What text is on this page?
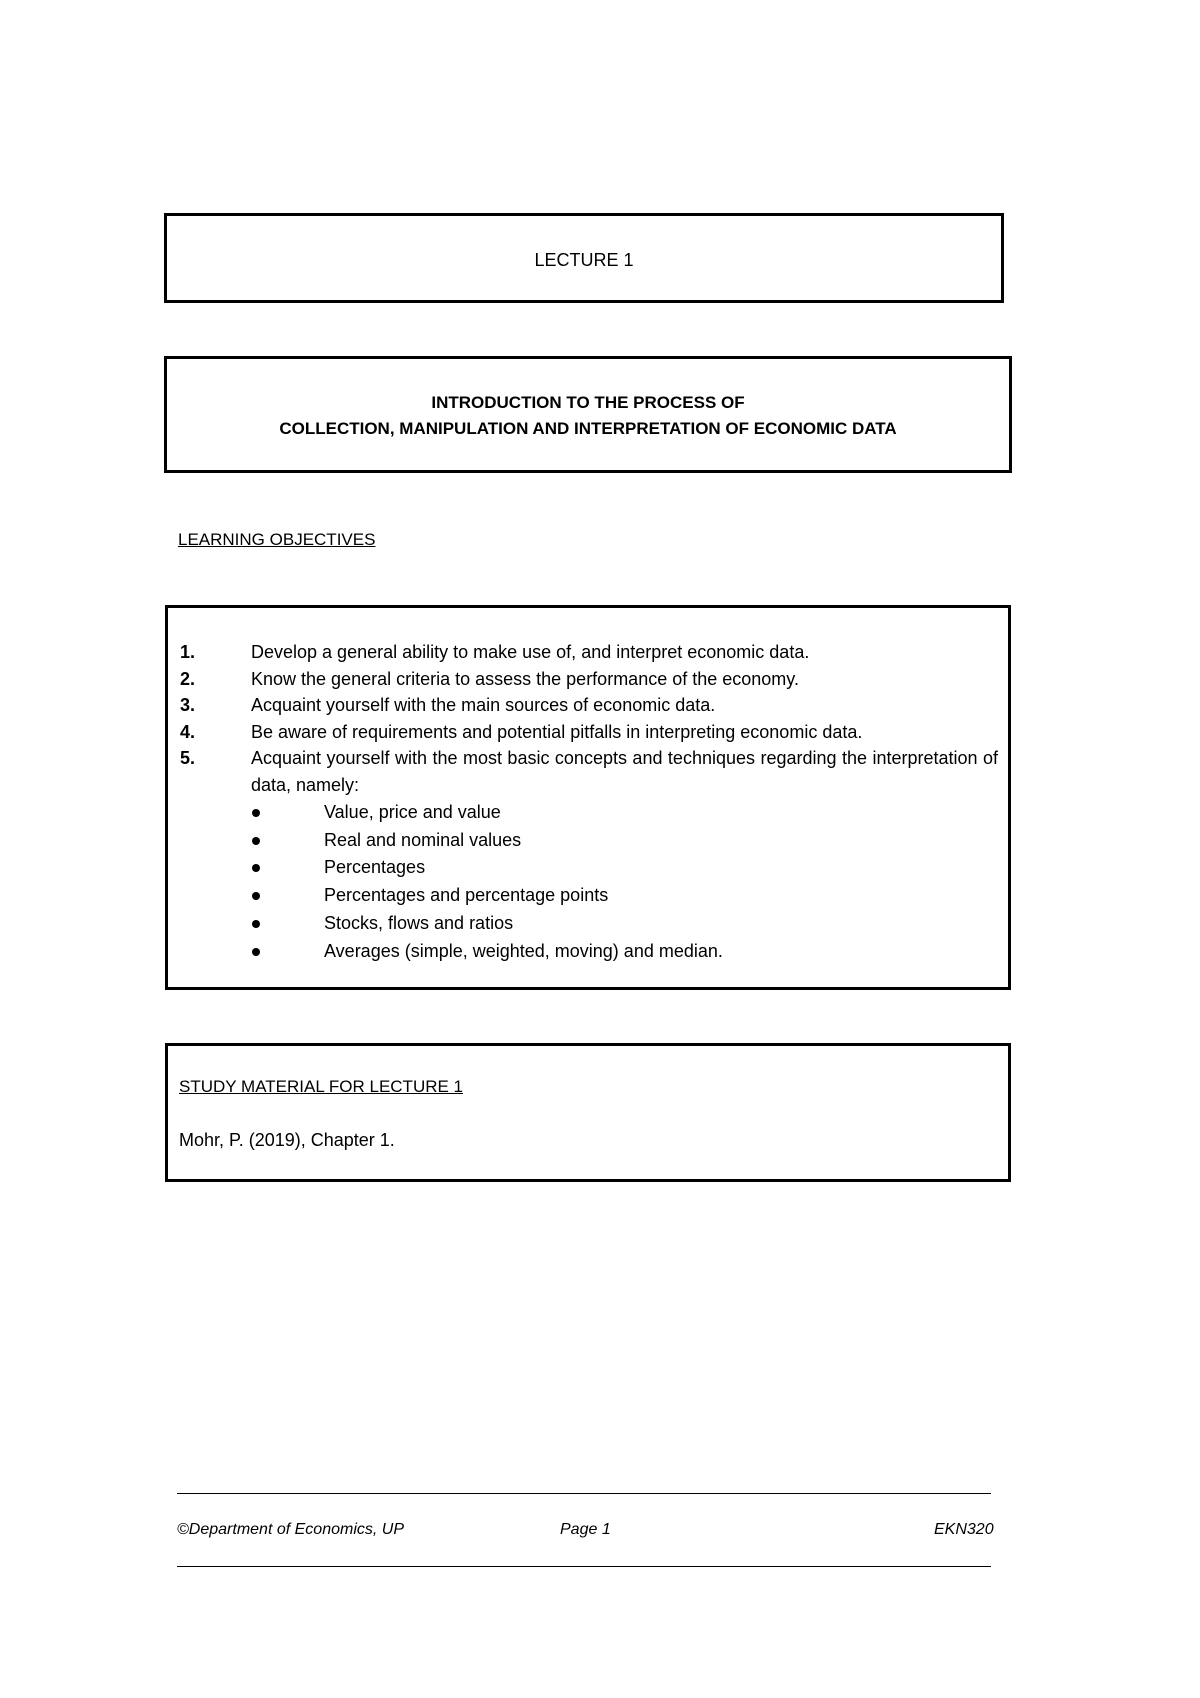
LECTURE 1
INTRODUCTION TO THE PROCESS OF
COLLECTION, MANIPULATION AND INTERPRETATION OF ECONOMIC DATA
LEARNING OBJECTIVES
1.	Develop a general ability to make use of, and interpret economic data.
2.	Know the general criteria to assess the performance of the economy.
3.	Acquaint yourself with the main sources of economic data.
4.	Be aware of requirements and potential pitfalls in interpreting economic data.
5.	Acquaint yourself with the most basic concepts and techniques regarding the interpretation of data, namely:
Value, price and value
Real and nominal values
Percentages
Percentages and percentage points
Stocks, flows and ratios
Averages (simple, weighted, moving) and median.
STUDY MATERIAL FOR LECTURE 1
Mohr, P. (2019), Chapter 1.
©Department of Economics, UP	Page 1	EKN320
